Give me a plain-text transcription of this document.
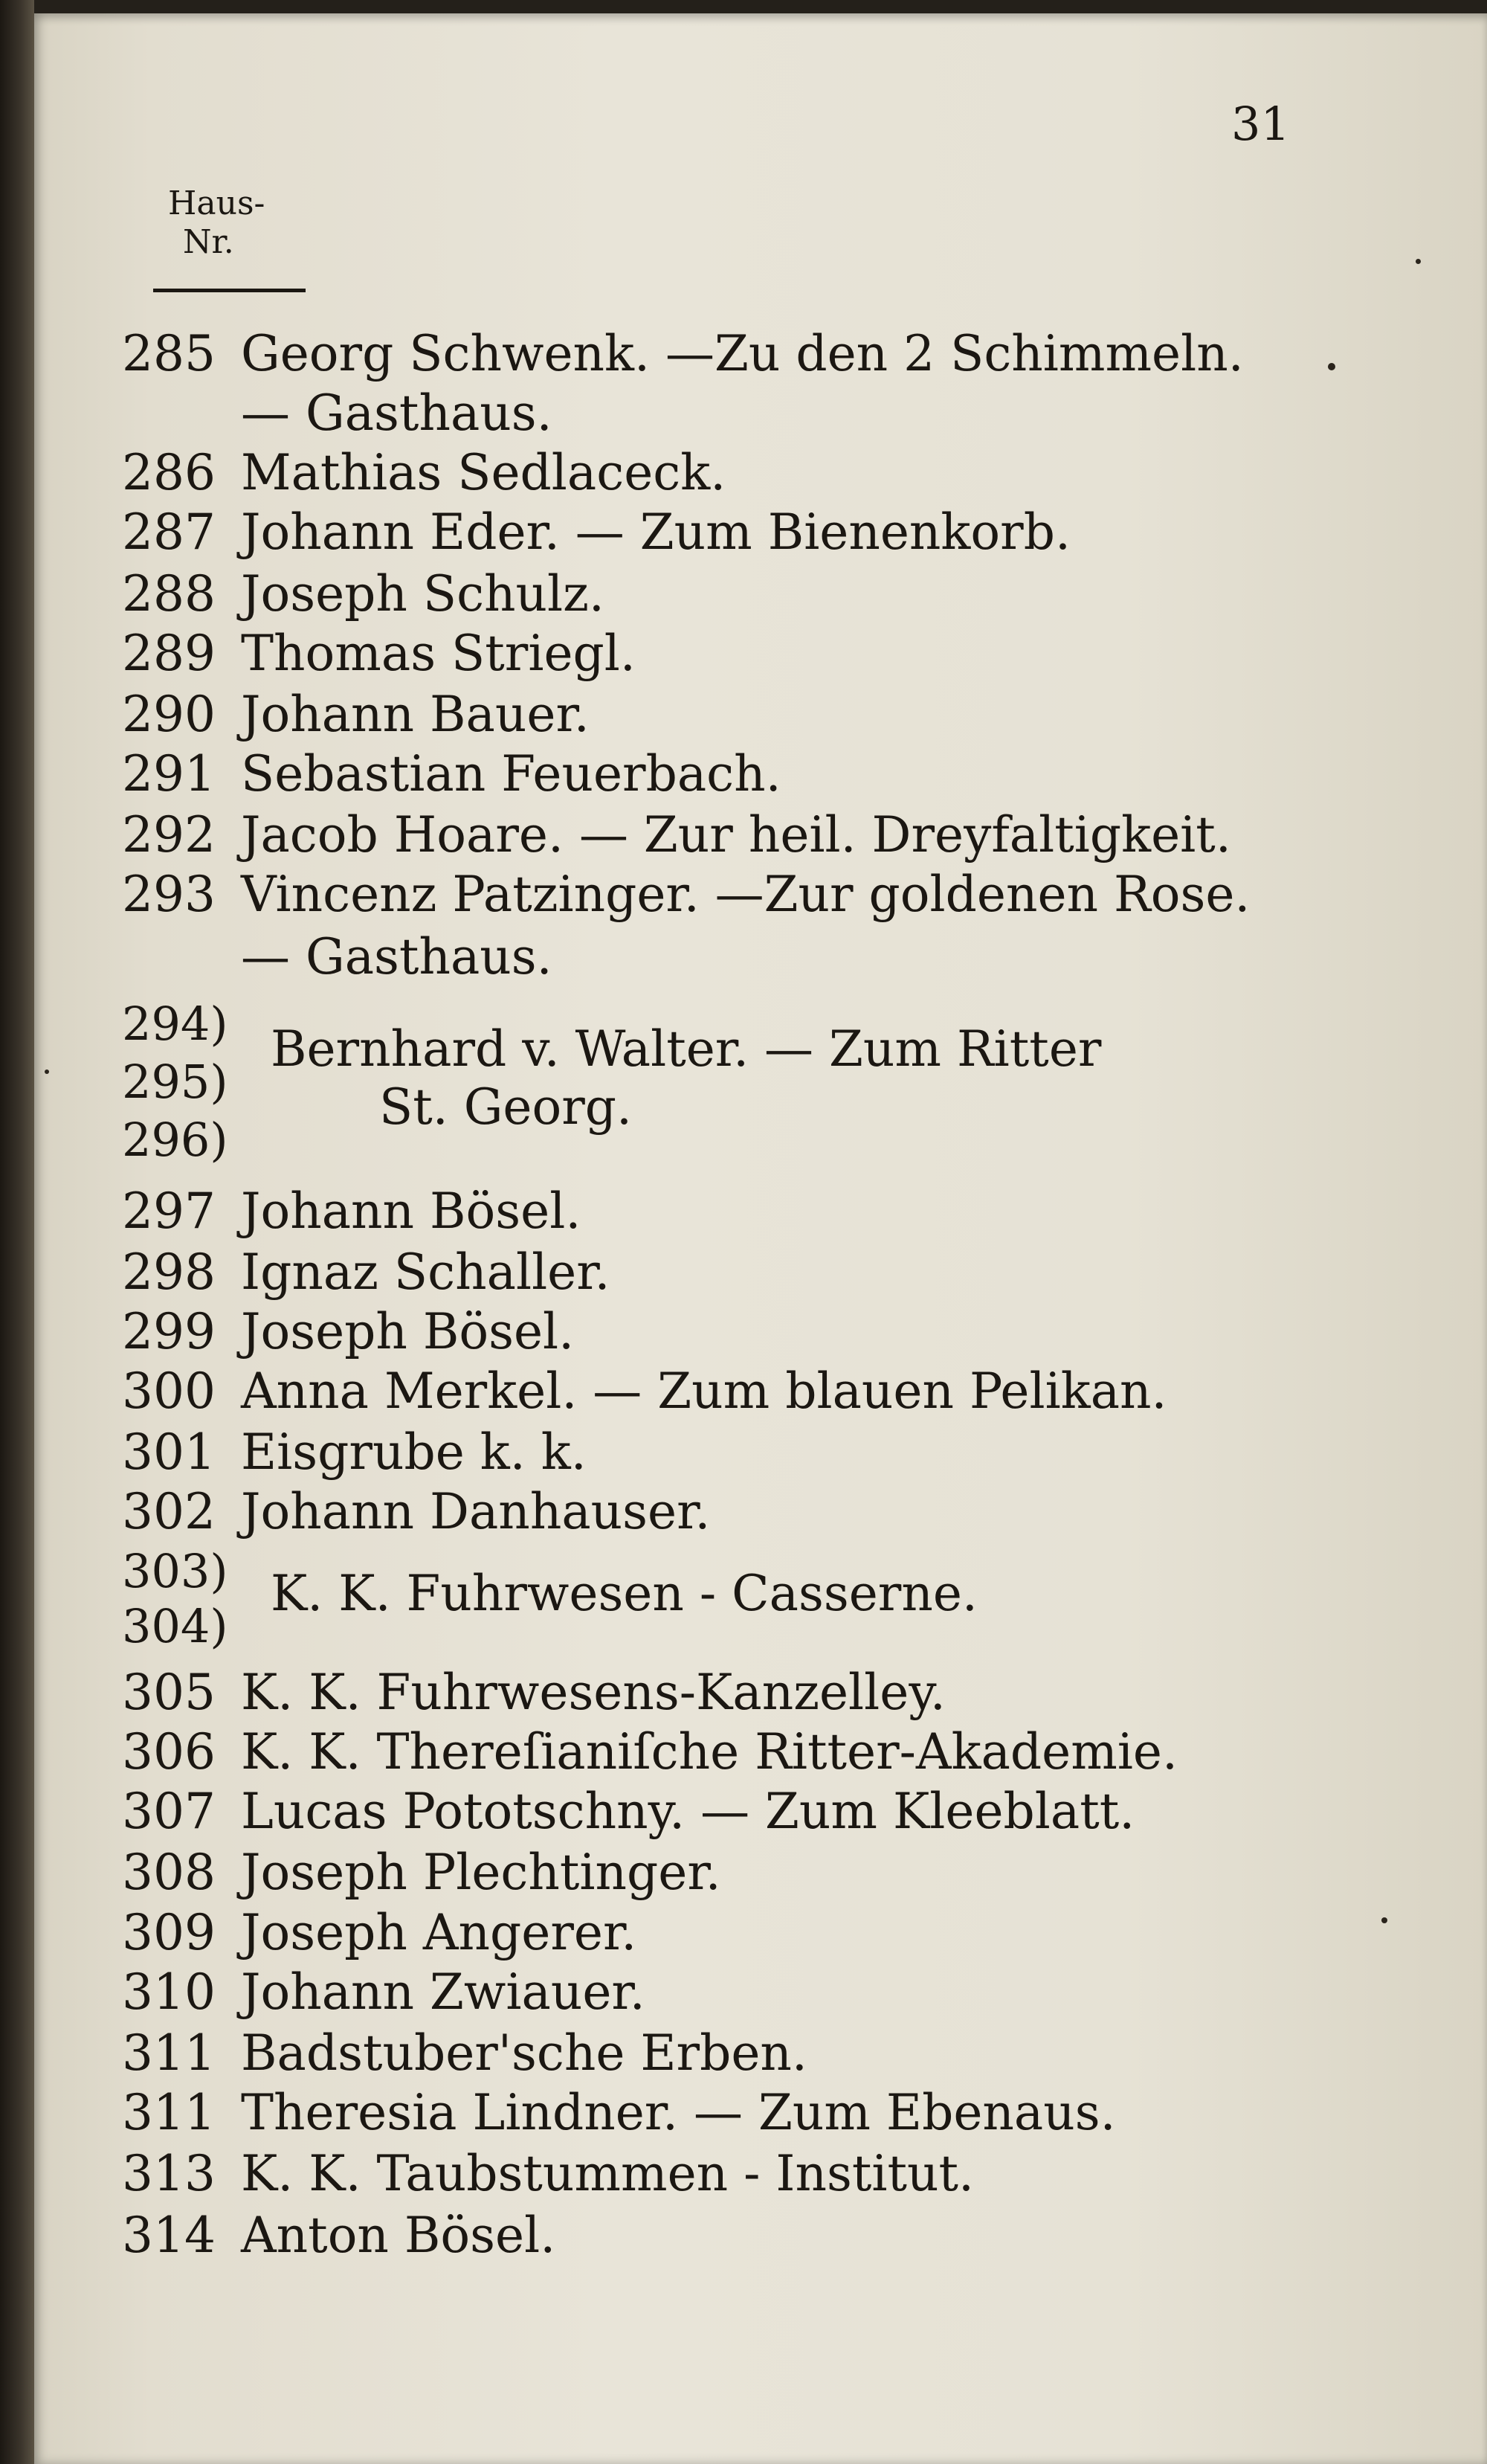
31
Haus-
Nr.
285 Georg Schwenk. —Zu den 2 Schimmeln.
— Gasthaus.
286 Mathias Sedlaceck.
287 Johann Eder. — Zum Bienenkorb.
288 Joseph Schulz.
289 Thomas Striegl.
290 Johann Bauer.
291 Sebastian Feuerbach.
292 Jacob Hoare. — Zur heil. Dreyfaltigkeit.
293 Vincenz Patzinger. —Zur goldenen Rose.
— Gasthaus.
294)
295)
296)
Bernhard v. Walter. — Zum Ritter
St. Georg.
297 Johann Bösel.
298 Ignaz Schaller.
299 Joseph Bösel.
300 Anna Merkel. — Zum blauen Pelikan.
301 Eisgrube k. k.
302 Johann Danhauser.
303)
304)
K. K. Fuhrwesen - Casserne.
305 K. K. Fuhrwesens-Kanzelley.
306 K. K. Thereſianiſche Ritter-Akademie.
307 Lucas Pototschny. — Zum Kleeblatt.
308 Joseph Plechtinger.
309 Joseph Angerer.
310 Johann Zwiauer.
311 Badstuber'sche Erben.
311 Theresia Lindner. — Zum Ebenaus.
313 K. K. Taubstummen - Institut.
314 Anton Bösel.
